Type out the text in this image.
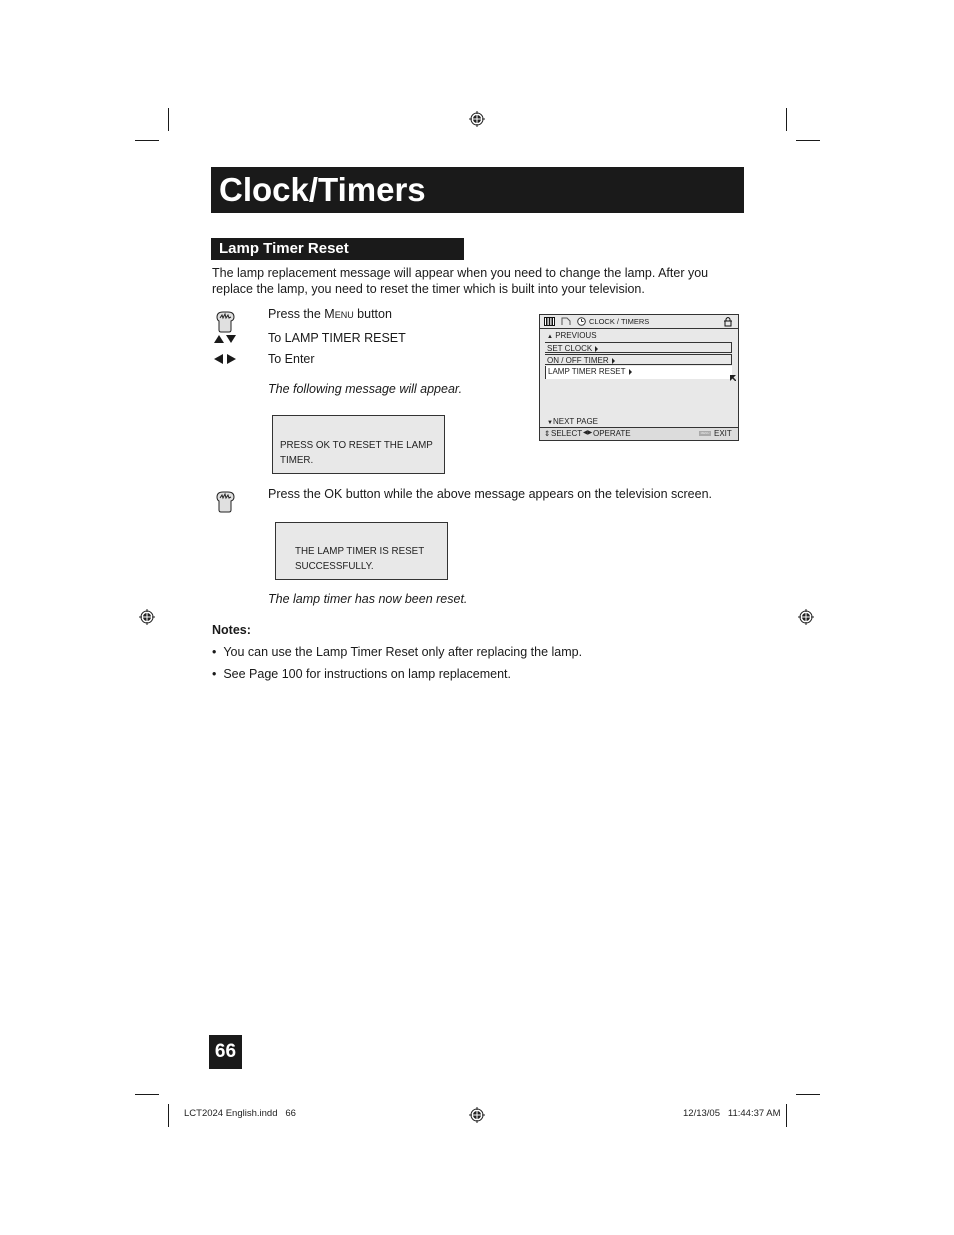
Clock/Timers
Lamp Timer Reset
The lamp replacement message will appear when you need to change the lamp. After you replace the lamp, you need to reset the timer which is built into your television.
Press the Menu button
To LAMP TIMER RESET
To Enter
The following message will appear.
PRESS OK TO RESET THE LAMP
TIMER.
CLOCK / TIMERS
▲ PREVIOUS
SET CLOCK
ON / OFF TIMER
LAMP TIMER RESET
▼NEXT PAGE
⇕ SELECT ◀▶ OPERATE	MENU EXIT
Press the OK button while the above message appears on the television screen.
THE LAMP TIMER IS RESET
SUCCESSFULLY.
The lamp timer has now been reset.
Notes:
•  You can use the Lamp Timer Reset only after replacing the lamp.
•  See Page 100 for instructions on lamp replacement.
66
LCT2024 English.indd   66	12/13/05   11:44:37 AM
